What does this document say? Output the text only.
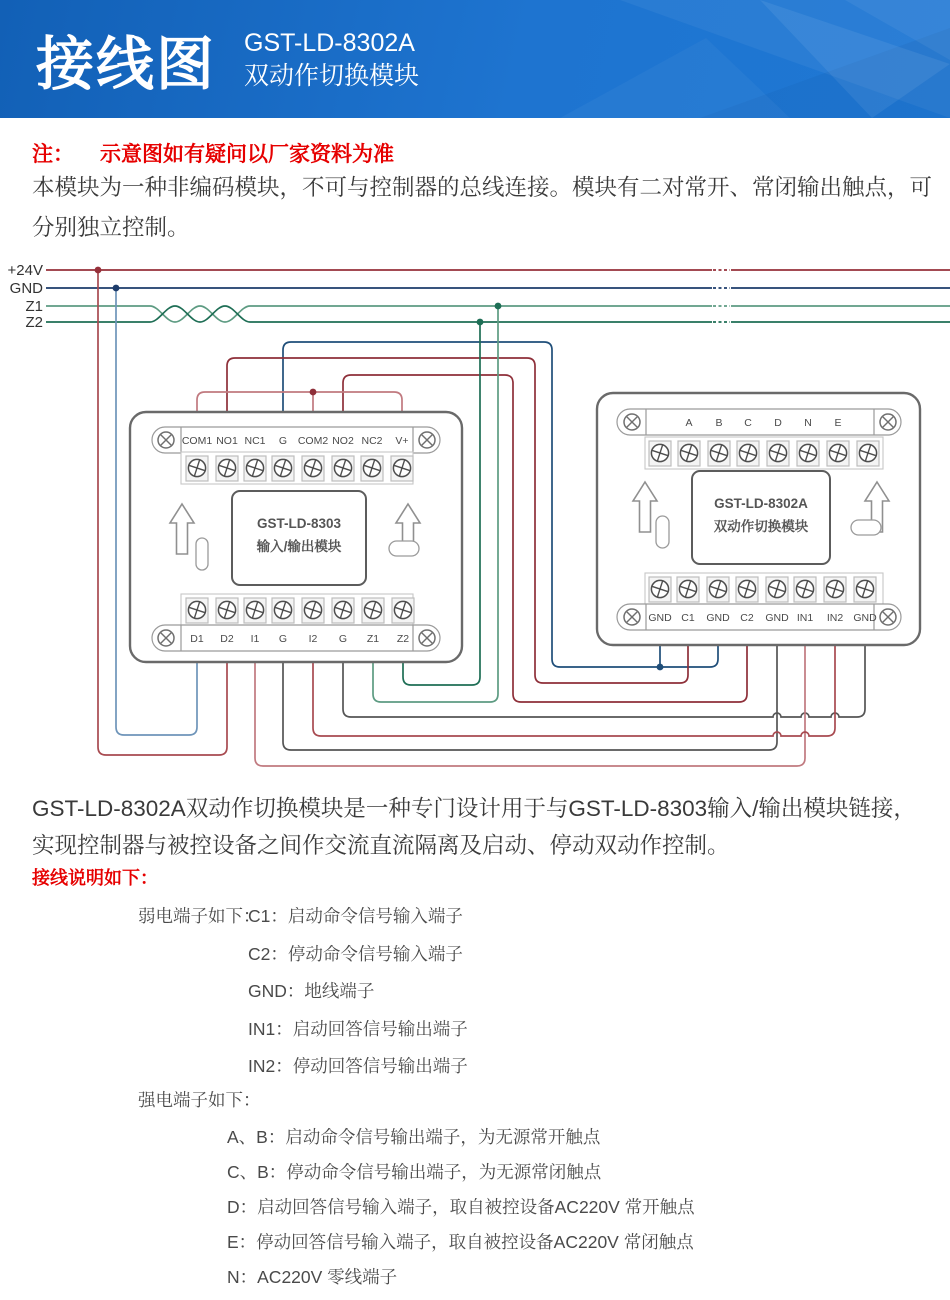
接线图 GST-LD-8302A
双动作切换模块
注： 示意图如有疑问以厂家资料为准
本模块为一种非编码模块，不可与控制器的总线连接。模块有二对常开、常闭输出触点，可分别独立控制。
+24V
GND
Z1
Z2
COM1 NO1 NC1 G COM2 NO2 NC2 V+
GST-LD-8303
输入/输出模块
D1 D2 I1 G I2 G Z1 Z2
A B C D N E
GST-LD-8302A
双动作切换模块
GND C1 GND C2 GND IN1 IN2 GND
GST-LD-8302A双动作切换模块是一种专门设计用于与GST-LD-8303输入/输出模块链接，实现控制器与被控设备之间作交流直流隔离及启动、停动双动作控制。
接线说明如下：
弱电端子如下：
C1：启动命令信号输入端子
C2：停动命令信号输入端子
GND：地线端子
IN1：启动回答信号输出端子
IN2：停动回答信号输出端子
强电端子如下：
A、B：启动命令信号输出端子，为无源常开触点
C、B：停动命令信号输出端子，为无源常闭触点
D：启动回答信号输入端子，取自被控设备AC220V 常开触点
E：停动回答信号输入端子，取自被控设备AC220V 常闭触点
N：AC220V 零线端子
